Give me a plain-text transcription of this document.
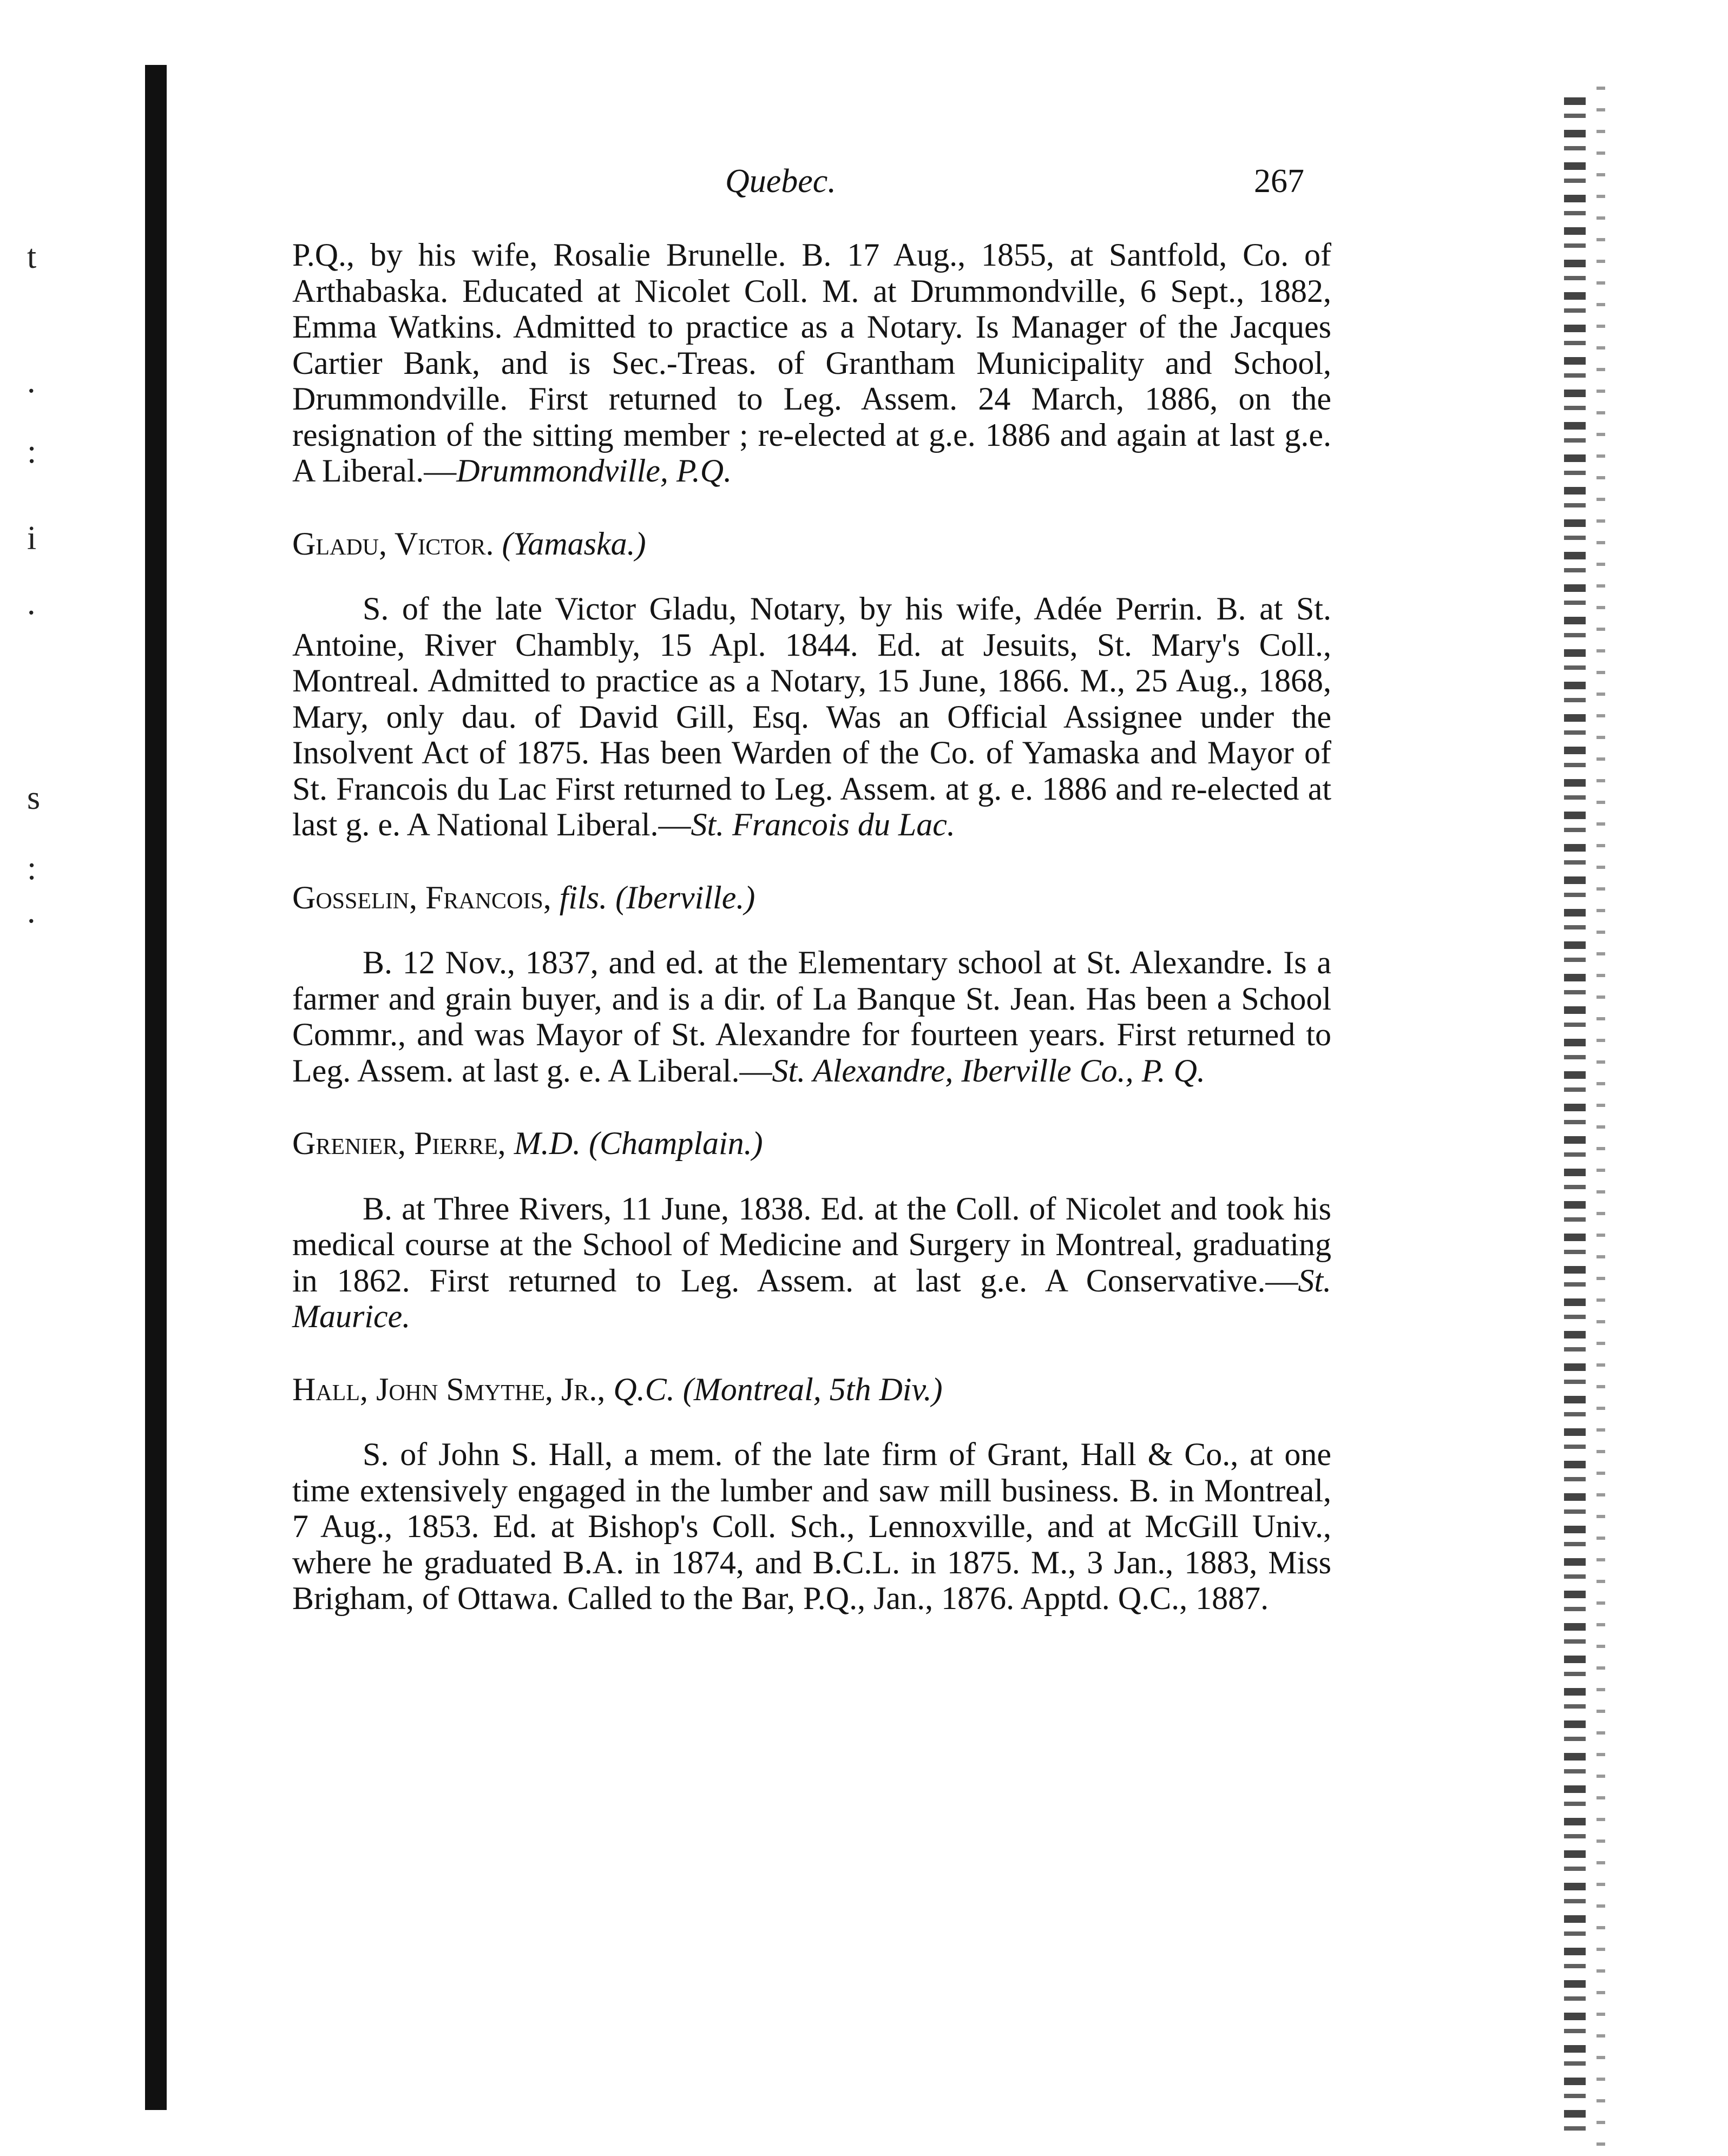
t
.
:
i
.
s
:
.
Quebec.	267

P.Q., by his wife, Rosalie Brunelle. B. 17 Aug., 1855, at Santfold, Co. of Arthabaska. Educated at Nicolet Coll. M. at Drummondville, 6 Sept., 1882, Emma Watkins. Admitted to practice as a Notary. Is Manager of the Jacques Cartier Bank, and is Sec.-Treas. of Grantham Municipality and School, Drummondville. First returned to Leg. Assem. 24 March, 1886, on the resignation of the sitting member ; re-elected at g.e. 1886 and again at last g.e. A Liberal.—Drummondville, P.Q.

Gladu, Victor. (Yamaska.)

S. of the late Victor Gladu, Notary, by his wife, Adée Perrin. B. at St. Antoine, River Chambly, 15 Apl. 1844. Ed. at Jesuits, St. Mary's Coll., Montreal. Admitted to practice as a Notary, 15 June, 1866. M., 25 Aug., 1868, Mary, only dau. of David Gill, Esq. Was an Official Assignee under the Insolvent Act of 1875. Has been Warden of the Co. of Yamaska and Mayor of St. Francois du Lac First returned to Leg. Assem. at g. e. 1886 and re-elected at last g. e. A National Liberal.—St. Francois du Lac.

Gosselin, Francois, fils. (Iberville.)

B. 12 Nov., 1837, and ed. at the Elementary school at St. Alexandre. Is a farmer and grain buyer, and is a dir. of La Banque St. Jean. Has been a School Commr., and was Mayor of St. Alexandre for fourteen years. First returned to Leg. Assem. at last g. e. A Liberal.—St. Alexandre, Iberville Co., P. Q.

Grenier, Pierre, M.D. (Champlain.)

B. at Three Rivers, 11 June, 1838. Ed. at the Coll. of Nicolet and took his medical course at the School of Medicine and Surgery in Montreal, graduating in 1862. First returned to Leg. Assem. at last g.e. A Conservative.—St. Maurice.

Hall, John Smythe, Jr., Q.C. (Montreal, 5th Div.)

S. of John S. Hall, a mem. of the late firm of Grant, Hall & Co., at one time extensively engaged in the lumber and saw mill business. B. in Montreal, 7 Aug., 1853. Ed. at Bishop's Coll. Sch., Lennoxville, and at McGill Univ., where he graduated B.A. in 1874, and B.C.L. in 1875. M., 3 Jan., 1883, Miss Brigham, of Ottawa. Called to the Bar, P.Q., Jan., 1876. Apptd. Q.C., 1887.
